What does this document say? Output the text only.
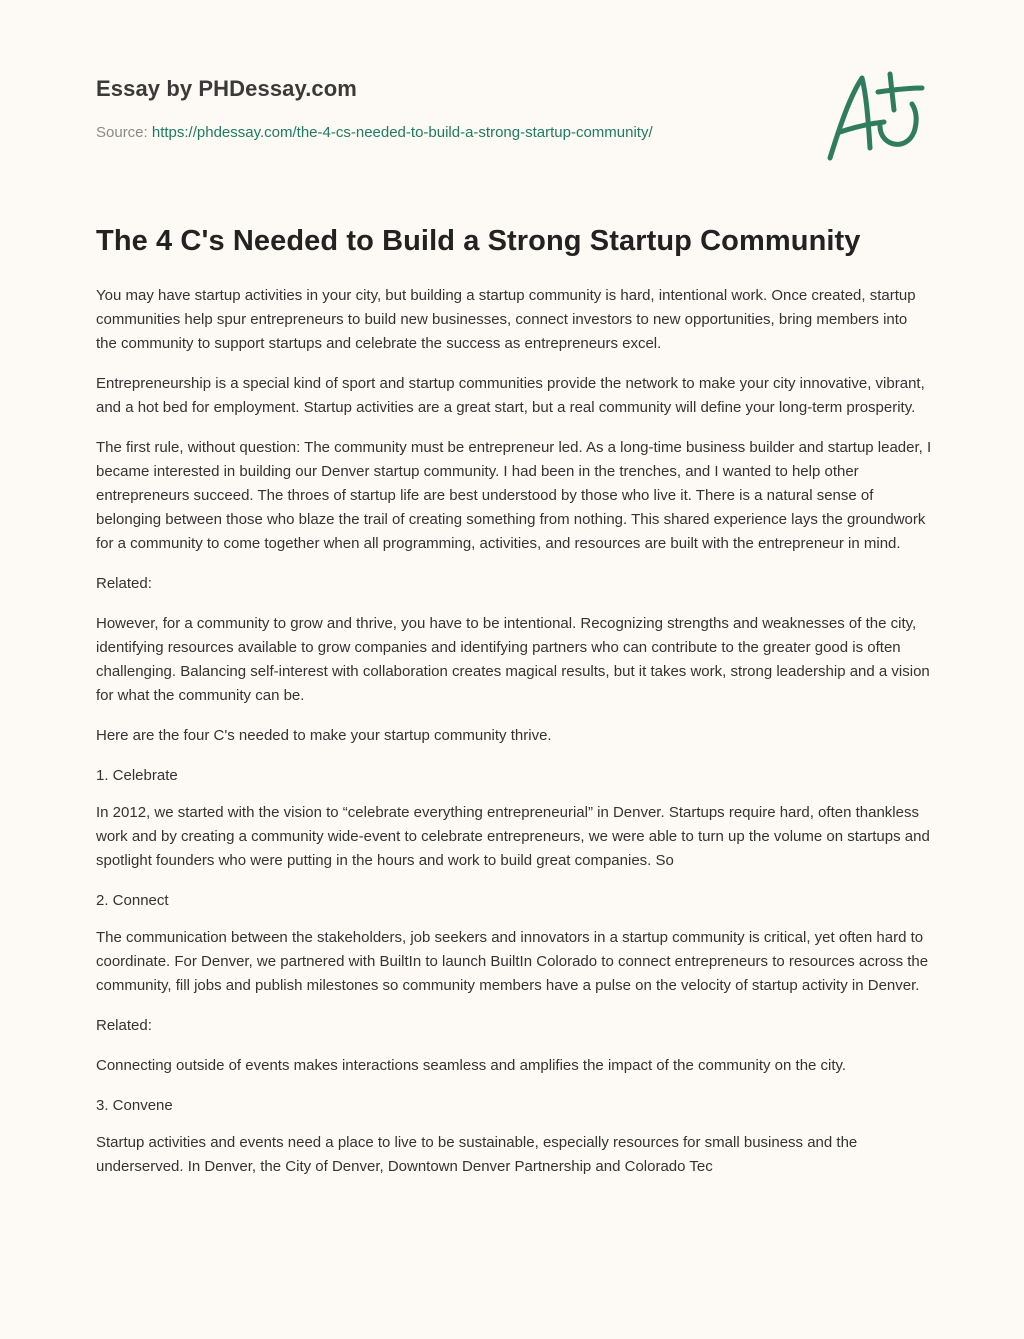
Essay by PHDessay.com
Source: https://phdessay.com/the-4-cs-needed-to-build-a-strong-startup-community/
The 4 C's Needed to Build a Strong Startup Community

You may have startup activities in your city, but building a startup community is hard, intentional work. Once created, startup communities help spur entrepreneurs to build new businesses, connect investors to new opportunities, bring members into the community to support startups and celebrate the success as entrepreneurs excel.

Entrepreneurship is a special kind of sport and startup communities provide the network to make your city innovative, vibrant, and a hot bed for employment. Startup activities are a great start, but a real community will define your long-term prosperity.

The first rule, without question: The community must be entrepreneur led. As a long-time business builder and startup leader, I became interested in building our Denver startup community. I had been in the trenches, and I wanted to help other entrepreneurs succeed. The throes of startup life are best understood by those who live it. There is a natural sense of belonging between those who blaze the trail of creating something from nothing. This shared experience lays the groundwork for a community to come together when all programming, activities, and resources are built with the entrepreneur in mind.

Related:

However, for a community to grow and thrive, you have to be intentional. Recognizing strengths and weaknesses of the city, identifying resources available to grow companies and identifying partners who can contribute to the greater good is often challenging. Balancing self-interest with collaboration creates magical results, but it takes work, strong leadership and a vision for what the community can be.

Here are the four C's needed to make your startup community thrive.

1. Celebrate

In 2012, we started with the vision to “celebrate everything entrepreneurial” in Denver. Startups require hard, often thankless work and by creating a community wide-event to celebrate entrepreneurs, we were able to turn up the volume on startups and spotlight founders who were putting in the hours and work to build great companies. So

2. Connect

The communication between the stakeholders, job seekers and innovators in a startup community is critical, yet often hard to coordinate. For Denver, we partnered with BuiltIn to launch BuiltIn Colorado to connect entrepreneurs to resources across the community, fill jobs and publish milestones so community members have a pulse on the velocity of startup activity in Denver.

Related:

Connecting outside of events makes interactions seamless and amplifies the impact of the community on the city.

3. Convene

Startup activities and events need a place to live to be sustainable, especially resources for small business and the underserved. In Denver, the City of Denver, Downtown Denver Partnership and Colorado Tec
